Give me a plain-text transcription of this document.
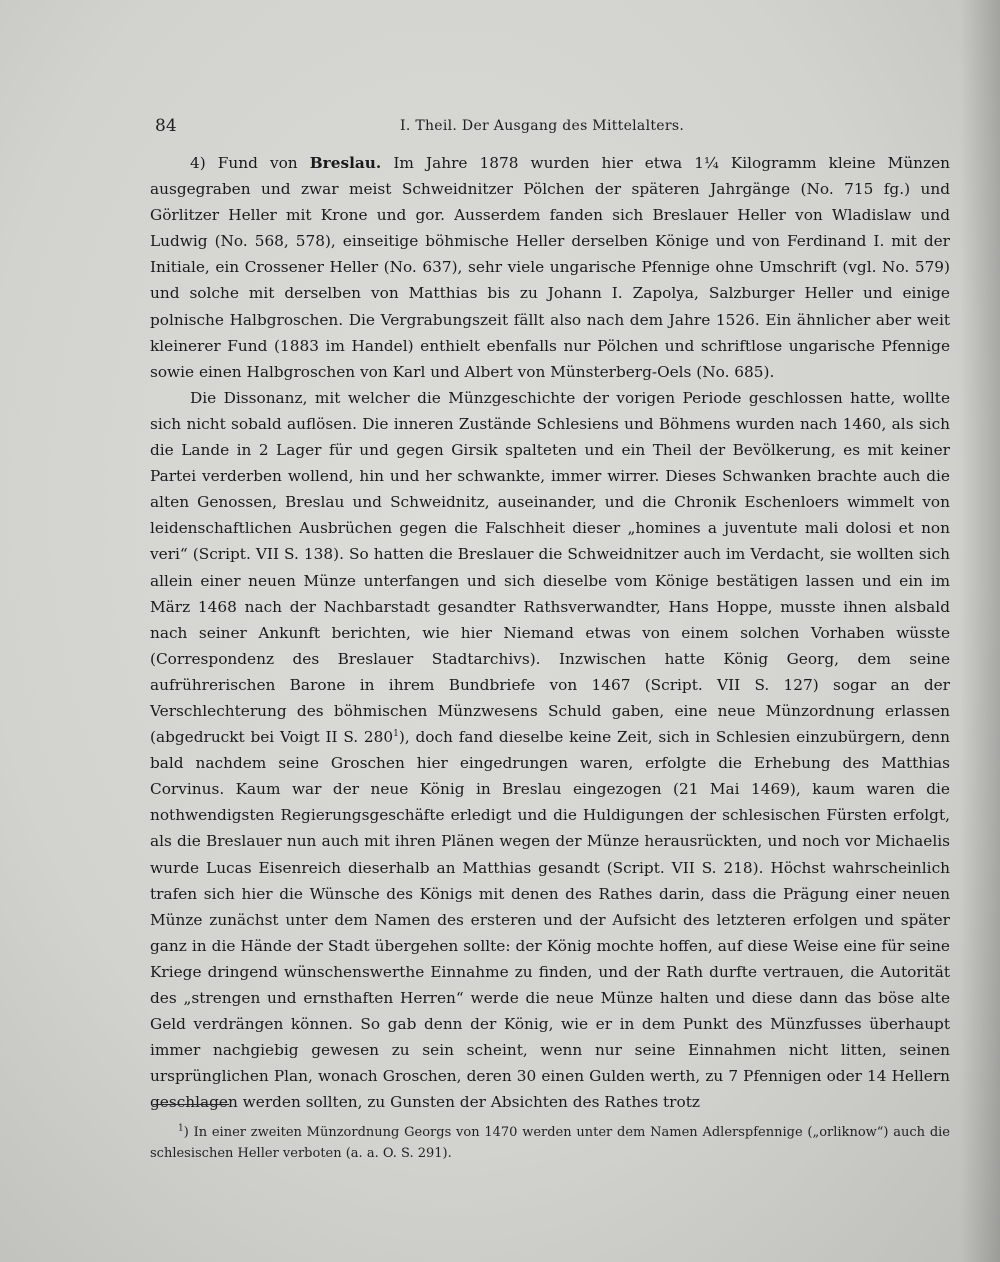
84	I. Theil. Der Ausgang des Mittelalters.

4) Fund von Breslau. Im Jahre 1878 wurden hier etwa 1¼ Kilogramm kleine Münzen ausgegraben und zwar meist Schweidnitzer Pölchen der späteren Jahrgänge (No. 715 fg.) und Görlitzer Heller mit Krone und gor. Ausserdem fanden sich Breslauer Heller von Wladislaw und Ludwig (No. 568, 578), einseitige böhmische Heller derselben Könige und von Ferdinand I. mit der Initiale, ein Crossener Heller (No. 637), sehr viele ungarische Pfennige ohne Umschrift (vgl. No. 579) und solche mit derselben von Matthias bis zu Johann I. Zapolya, Salzburger Heller und einige polnische Halbgroschen. Die Vergrabungszeit fällt also nach dem Jahre 1526. Ein ähnlicher aber weit kleinerer Fund (1883 im Handel) enthielt ebenfalls nur Pölchen und schriftlose ungarische Pfennige sowie einen Halbgroschen von Karl und Albert von Münsterberg-Oels (No. 685).

Die Dissonanz, mit welcher die Münzgeschichte der vorigen Periode geschlossen hatte, wollte sich nicht sobald auflösen. Die inneren Zustände Schlesiens und Böhmens wurden nach 1460, als sich die Lande in 2 Lager für und gegen Girsik spalteten und ein Theil der Bevölkerung, es mit keiner Partei verderben wollend, hin und her schwankte, immer wirrer. Dieses Schwanken brachte auch die alten Genossen, Breslau und Schweidnitz, auseinander, und die Chronik Eschenloers wimmelt von leidenschaftlichen Ausbrüchen gegen die Falschheit dieser „homines a juventute mali dolosi et non veri“ (Script. VII S. 138). So hatten die Breslauer die Schweidnitzer auch im Verdacht, sie wollten sich allein einer neuen Münze unterfangen und sich dieselbe vom Könige bestätigen lassen und ein im März 1468 nach der Nachbarstadt gesandter Rathsverwandter, Hans Hoppe, musste ihnen alsbald nach seiner Ankunft berichten, wie hier Niemand etwas von einem solchen Vorhaben wüsste (Correspondenz des Breslauer Stadtarchivs). Inzwischen hatte König Georg, dem seine aufrührerischen Barone in ihrem Bundbriefe von 1467 (Script. VII S. 127) sogar an der Verschlechterung des böhmischen Münzwesens Schuld gaben, eine neue Münzordnung erlassen (abgedruckt bei Voigt II S. $280^1$), doch fand dieselbe keine Zeit, sich in Schlesien einzubürgern, denn bald nachdem seine Groschen hier eingedrungen waren, erfolgte die Erhebung des Matthias Corvinus. Kaum war der neue König in Breslau eingezogen (21 Mai 1469), kaum waren die nothwendigsten Regierungsgeschäfte erledigt und die Huldigungen der schlesischen Fürsten erfolgt, als die Breslauer nun auch mit ihren Plänen wegen der Münze herausrückten, und noch vor Michaelis wurde Lucas Eisenreich dieserhalb an Matthias gesandt (Script. VII S. 218). Höchst wahrscheinlich trafen sich hier die Wünsche des Königs mit denen des Rathes darin, dass die Prägung einer neuen Münze zunächst unter dem Namen des ersteren und der Aufsicht des letzteren erfolgen und später ganz in die Hände der Stadt übergehen sollte: der König mochte hoffen, auf diese Weise eine für seine Kriege dringend wünschenswerthe Einnahme zu finden, und der Rath durfte vertrauen, die Autorität des „strengen und ernsthaften Herren“ werde die neue Münze halten und diese dann das böse alte Geld verdrängen können. So gab denn der König, wie er in dem Punkt des Münzfusses überhaupt immer nachgiebig gewesen zu sein scheint, wenn nur seine Einnahmen nicht litten, seinen ursprünglichen Plan, wonach Groschen, deren 30 einen Gulden werth, zu 7 Pfennigen oder 14 Hellern geschlagen werden sollten, zu Gunsten der Absichten des Rathes trotz

$^1$) In einer zweiten Münzordnung Georgs von 1470 werden unter dem Namen Adlerspfennige („orliknow“) auch die schlesischen Heller verboten (a. a. O. S. 291).
